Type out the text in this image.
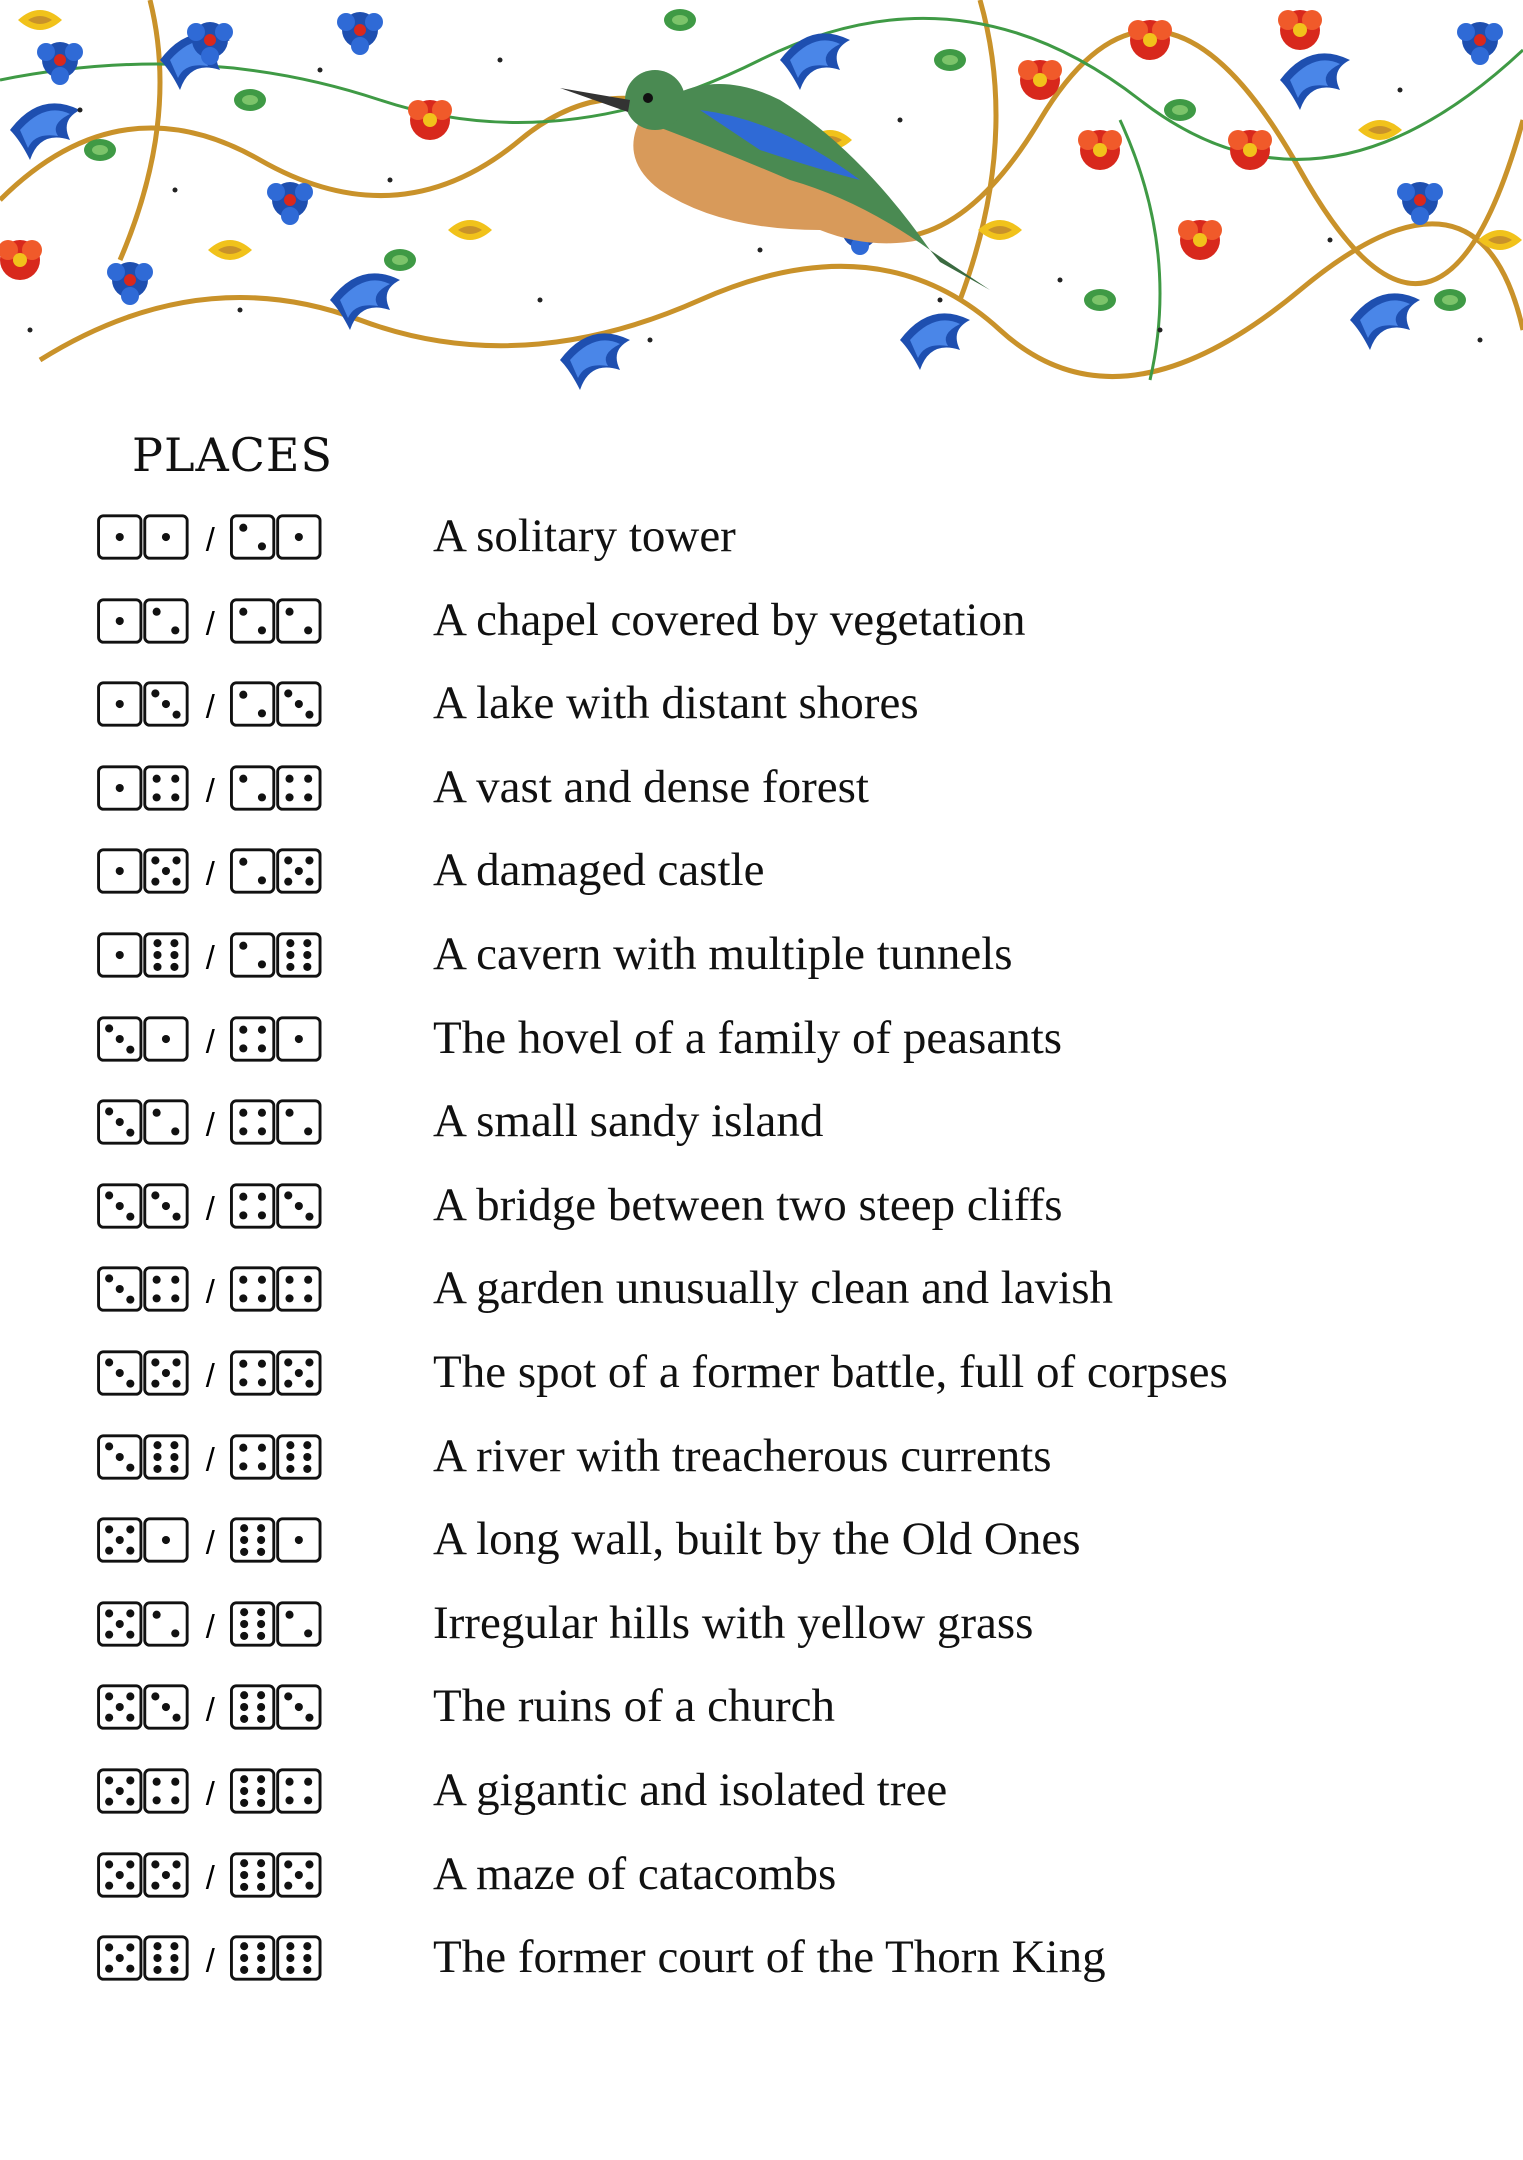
PLACES
/	A solitary tower
/	A chapel covered by vegetation
/	A lake with distant shores
/	A vast and dense forest
/	A damaged castle
/	A cavern with multiple tunnels
/	The hovel of a family of peasants
/	A small sandy island
/	A bridge between two steep cliffs
/	A garden unusually clean and lavish
/	The spot of a former battle, full of corpses
/	A river with treacherous currents
/	A long wall, built by the Old Ones
/	Irregular hills with yellow grass
/	The ruins of a church
/	A gigantic and isolated tree
/	A maze of catacombs
/	The former court of the Thorn King
